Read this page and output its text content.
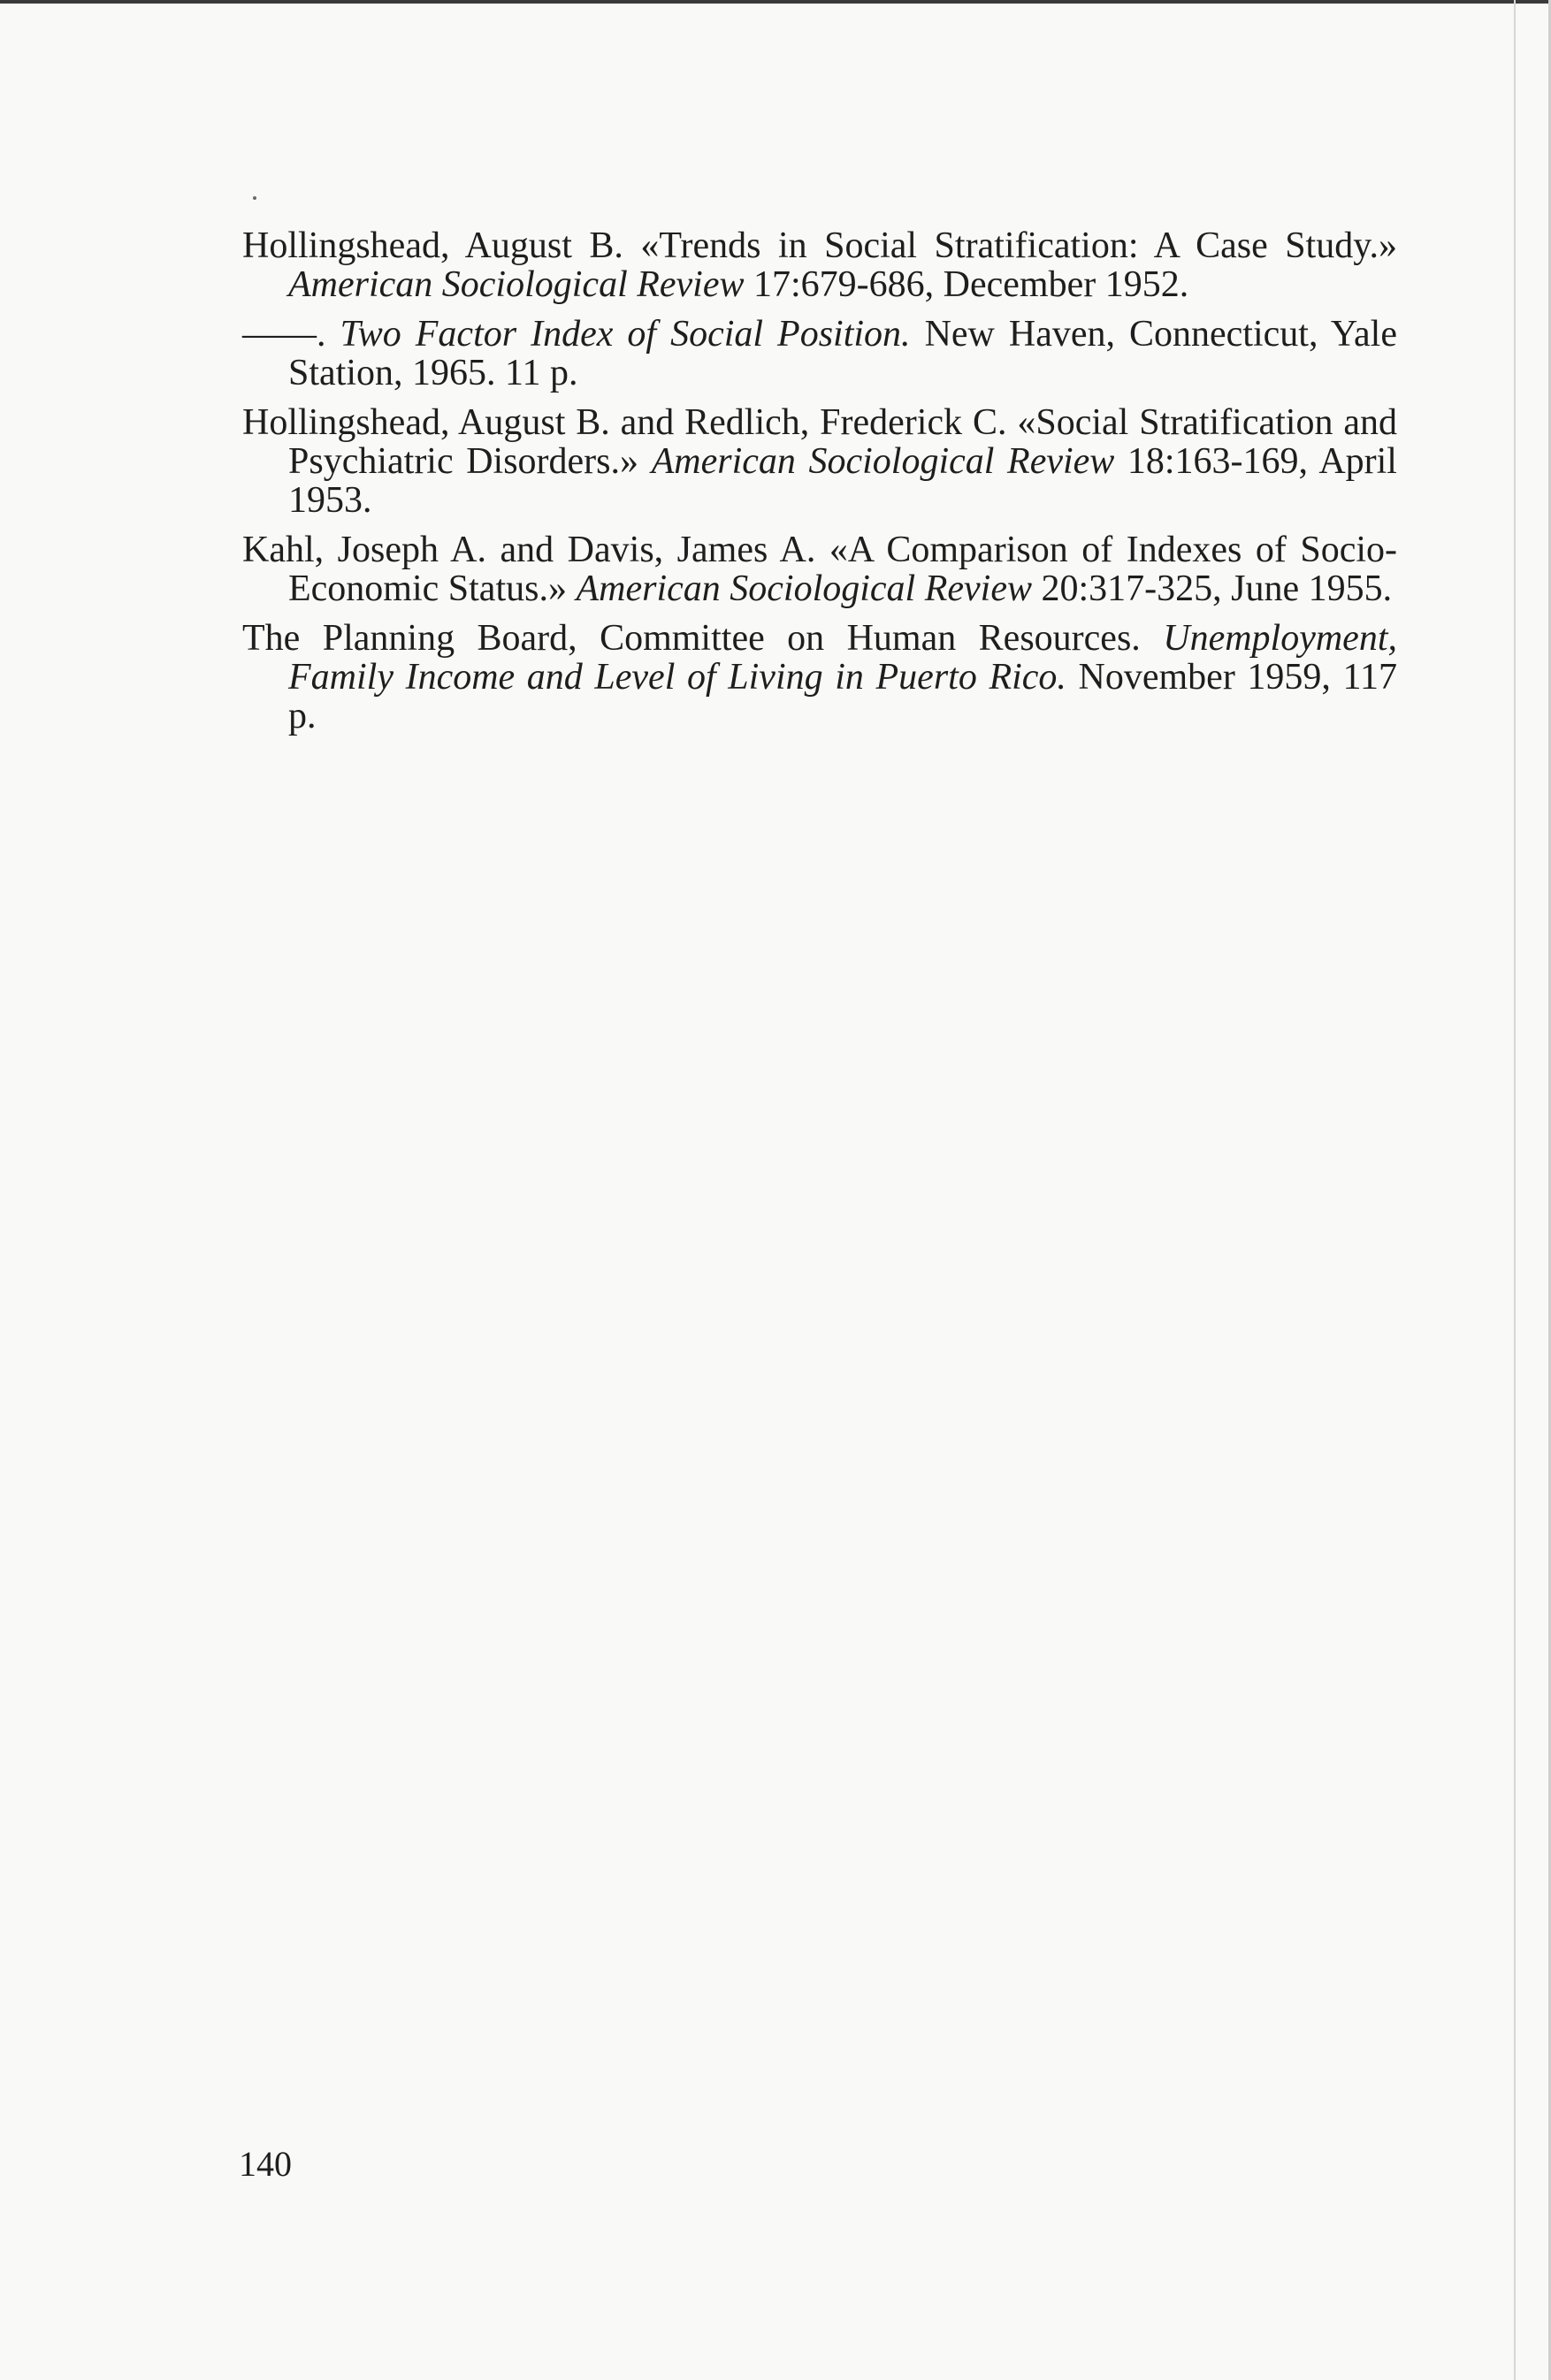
Hollingshead, August B. «Trends in Social Stratification: A Case Study.» American Sociological Review 17:679-686, December 1952.

——. Two Factor Index of Social Position. New Haven, Connecticut, Yale Station, 1965. 11 p.

Hollingshead, August B. and Redlich, Frederick C. «Social Stratification and Psychiatric Disorders.» American Sociological Review 18:163-169, April 1953.

Kahl, Joseph A. and Davis, James A. «A Comparison of Indexes of Socio-Economic Status.» American Sociological Review 20:317-325, June 1955.

The Planning Board, Committee on Human Resources. Unemployment, Family Income and Level of Living in Puerto Rico. November 1959, 117 p.

140
